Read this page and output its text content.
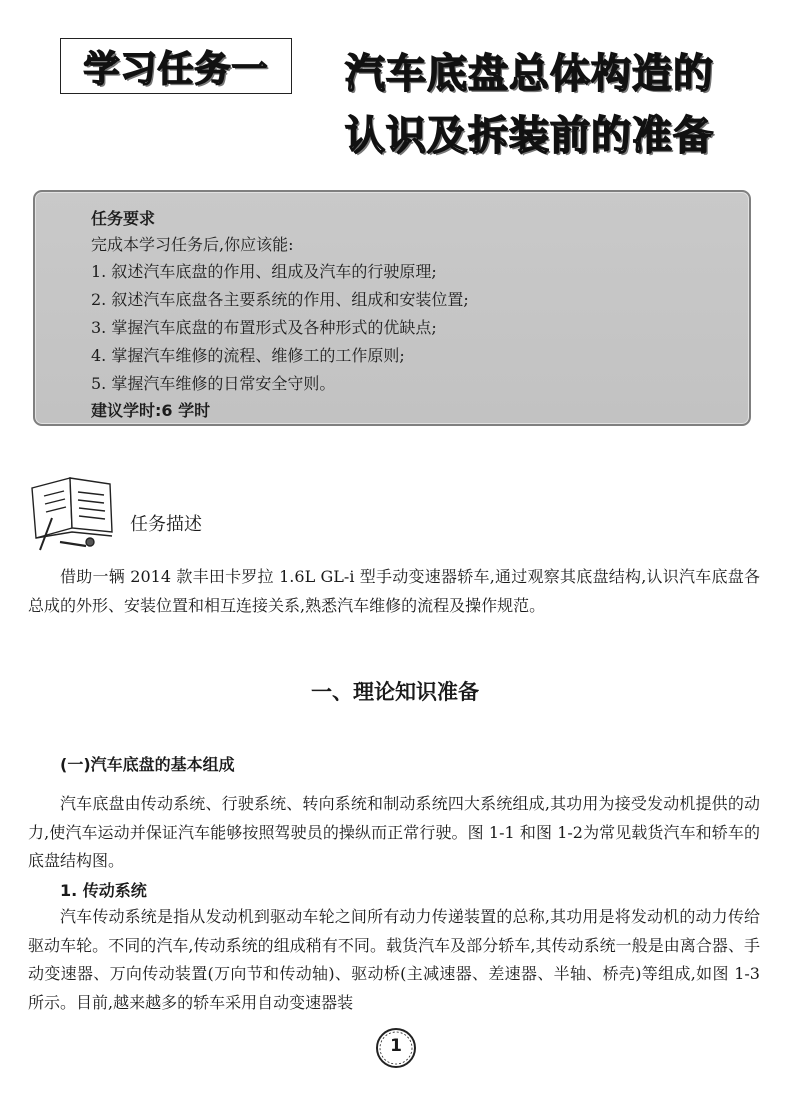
学习任务一 汽车底盘总体构造的
认识及拆装前的准备
任务要求
完成本学习任务后,你应该能:
1. 叙述汽车底盘的作用、组成及汽车的行驶原理;
2. 叙述汽车底盘各主要系统的作用、组成和安装位置;
3. 掌握汽车底盘的布置形式及各种形式的优缺点;
4. 掌握汽车维修的流程、维修工的工作原则;
5. 掌握汽车维修的日常安全守则。
建议学时:6 学时
任务描述

借助一辆 2014 款丰田卡罗拉 1.6L GL-i 型手动变速器轿车,通过观察其底盘结构,认识汽车底盘各总成的外形、安装位置和相互连接关系,熟悉汽车维修的流程及操作规范。

一、理论知识准备
(一)汽车底盘的基本组成

汽车底盘由传动系统、行驶系统、转向系统和制动系统四大系统组成,其功用为接受发动机提供的动力,使汽车运动并保证汽车能够按照驾驶员的操纵而正常行驶。图 1-1 和图 1-2为常见载货汽车和轿车的底盘结构图。

1. 传动系统

汽车传动系统是指从发动机到驱动车轮之间所有动力传递装置的总称,其功用是将发动机的动力传给驱动车轮。不同的汽车,传动系统的组成稍有不同。载货汽车及部分轿车,其传动系统一般是由离合器、手动变速器、万向传动装置(万向节和传动轴)、驱动桥(主减速器、差速器、半轴、桥壳)等组成,如图 1-3 所示。目前,越来越多的轿车采用自动变速器装

1
